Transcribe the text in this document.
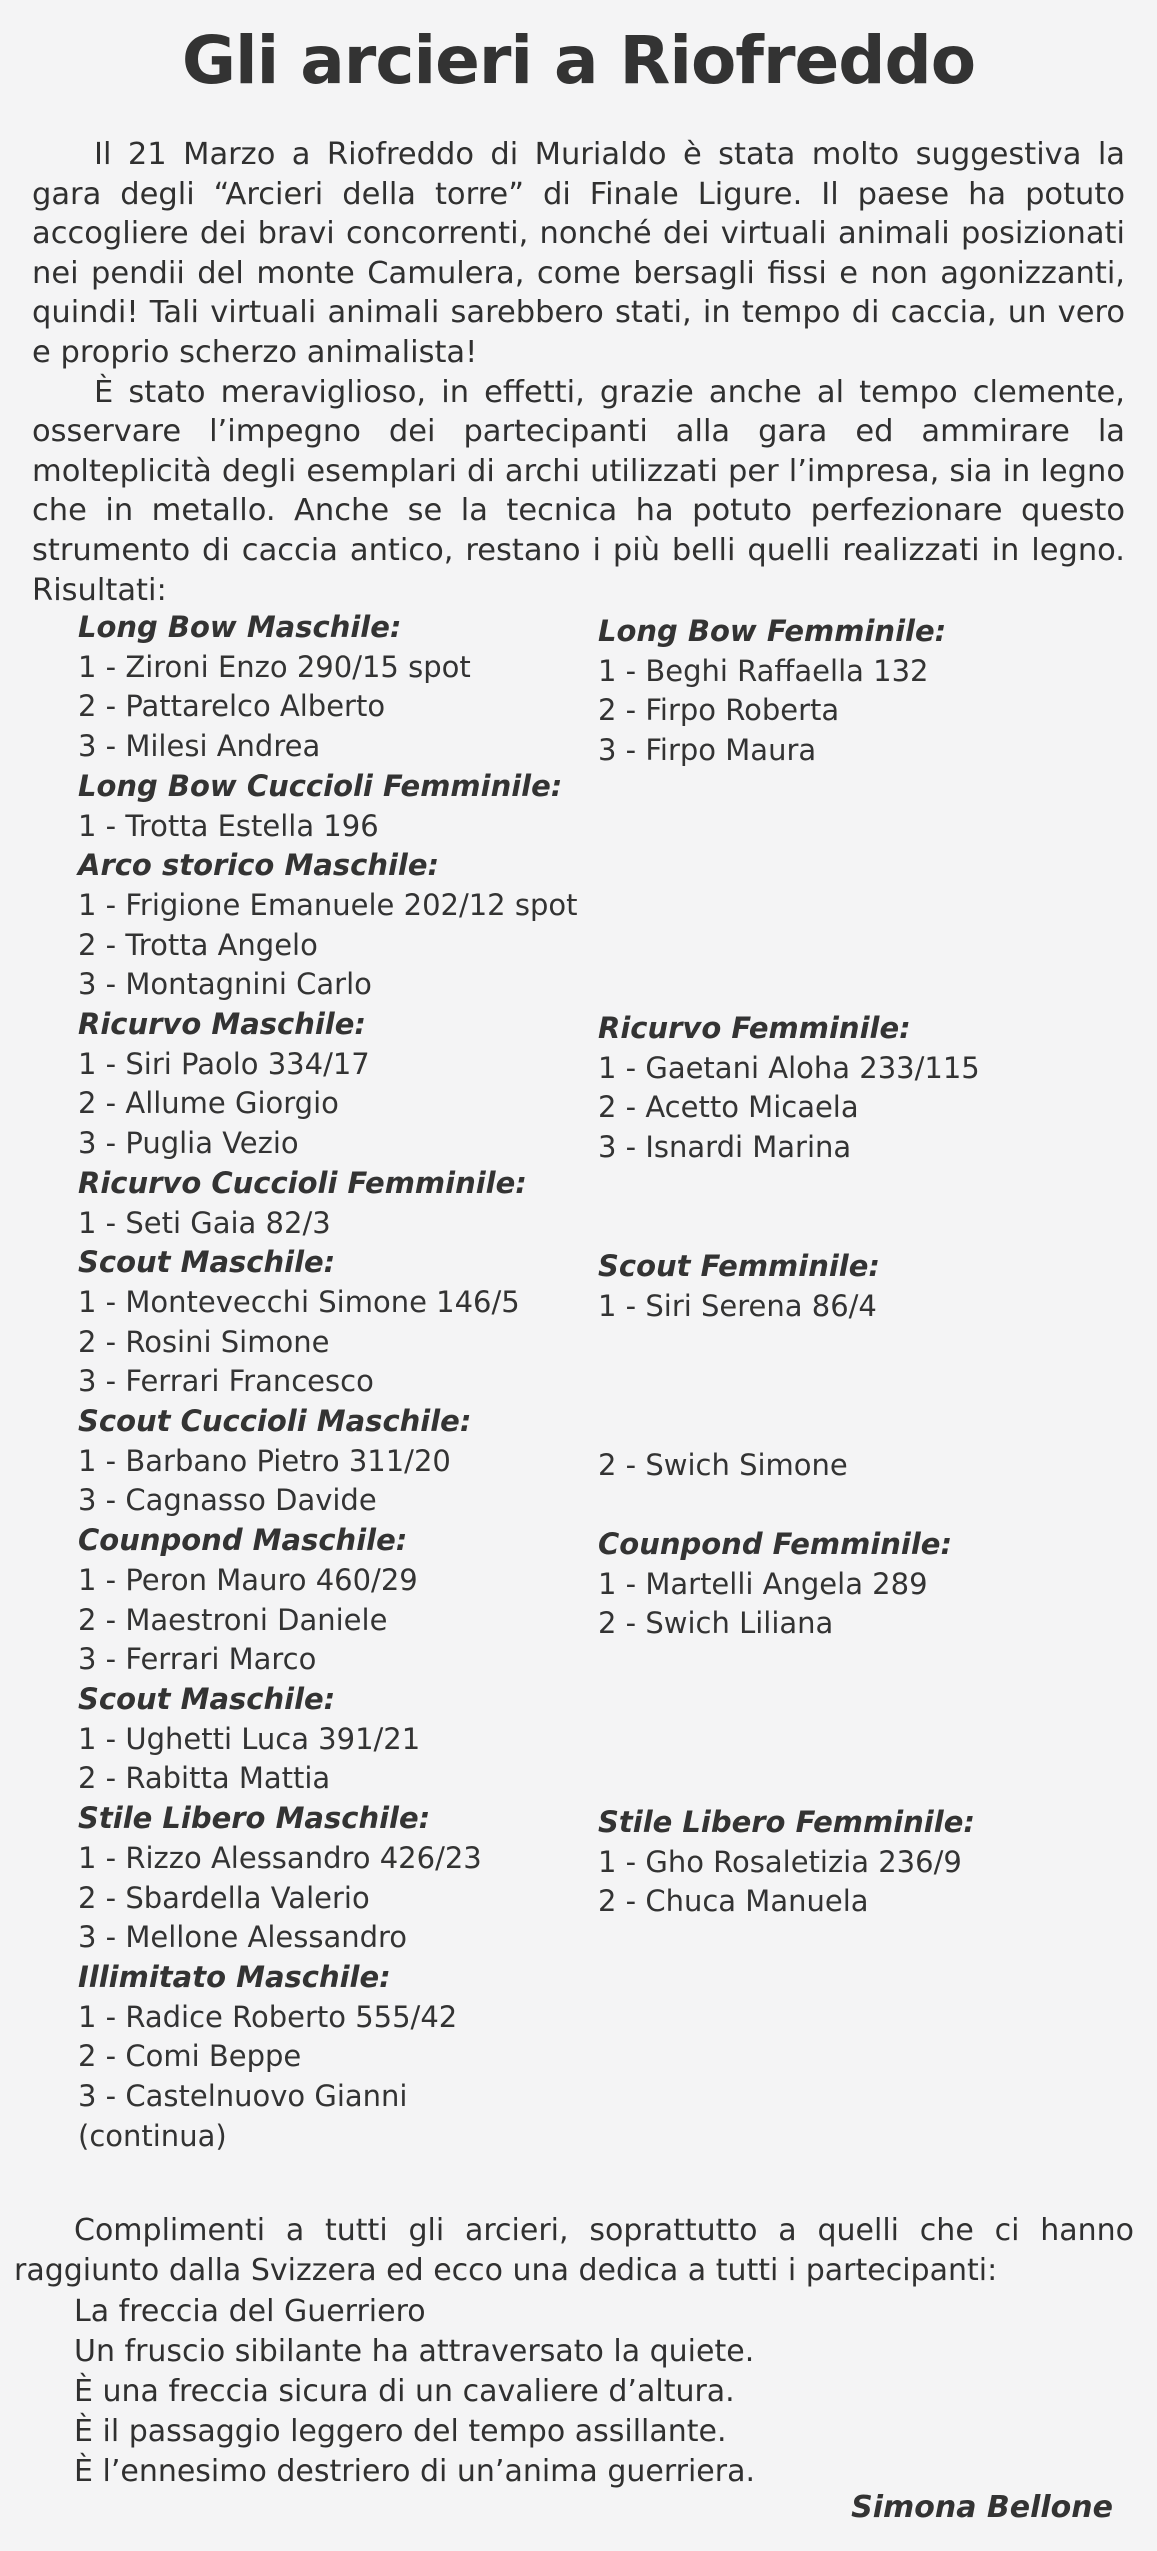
Gli arcieri a Riofreddo

Il 21 Marzo a Riofreddo di Murialdo è stata molto suggestiva la gara degli “Arcieri della torre” di Finale Ligure. Il paese ha potuto accogliere dei bravi concorrenti, nonché dei virtuali animali posizionati nei pendii del monte Camulera, come bersagli fissi e non agonizzanti, quindi! Tali virtuali animali sarebbero stati, in tempo di caccia, un vero e proprio scherzo animalista!

È stato meraviglioso, in effetti, grazie anche al tempo clemente, osservare l’impegno dei partecipanti alla gara ed ammirare la molteplicità degli esemplari di archi utilizzati per l’impresa, sia in legno che in metallo. Anche se la tecnica ha potuto perfezionare questo strumento di caccia antico, restano i più belli quelli realizzati in legno. Risultati:

Long Bow Maschile:
1 - Zironi Enzo 290/15 spot
2 - Pattarelco Alberto
3 - Milesi Andrea
Long Bow Cuccioli Femminile:
1 - Trotta Estella 196
Arco storico Maschile:
1 - Frigione Emanuele 202/12 spot
2 - Trotta Angelo
3 - Montagnini Carlo
Ricurvo Maschile:
1 - Siri Paolo 334/17
2 - Allume Giorgio
3 - Puglia Vezio
Ricurvo Cuccioli Femminile:
1 - Seti Gaia 82/3
Scout Maschile:
1 - Montevecchi Simone 146/5
2 - Rosini Simone
3 - Ferrari Francesco
Scout Cuccioli Maschile:
1 - Barbano Pietro 311/20
3 - Cagnasso Davide
Counpond Maschile:
1 - Peron Mauro 460/29
2 - Maestroni Daniele
3 - Ferrari Marco
Scout Maschile:
1 - Ughetti Luca 391/21
2 - Rabitta Mattia
Stile Libero Maschile:
1 - Rizzo Alessandro 426/23
2 - Sbardella Valerio
3 - Mellone Alessandro
Illimitato Maschile:
1 - Radice Roberto 555/42
2 - Comi Beppe
3 - Castelnuovo Gianni
(continua)
Long Bow Femminile:
1 - Beghi Raffaella 132
2 - Firpo Roberta
3 - Firpo Maura
Ricurvo Femminile:
1 - Gaetani Aloha 233/115
2 - Acetto Micaela
3 - Isnardi Marina
Scout Femminile:
1 - Siri Serena 86/4
2 - Swich Simone
Counpond Femminile:
1 - Martelli Angela 289
2 - Swich Liliana
Stile Libero Femminile:
1 - Gho Rosaletizia 236/9
2 - Chuca Manuela

Complimenti a tutti gli arcieri, soprattutto a quelli che ci hanno raggiunto dalla Svizzera ed ecco una dedica a tutti i partecipanti:

La freccia del Guerriero
Un fruscio sibilante ha attraversato la quiete.
È una freccia sicura di un cavaliere d’altura.
È il passaggio leggero del tempo assillante.
È l’ennesimo destriero di un’anima guerriera.
Simona Bellone
